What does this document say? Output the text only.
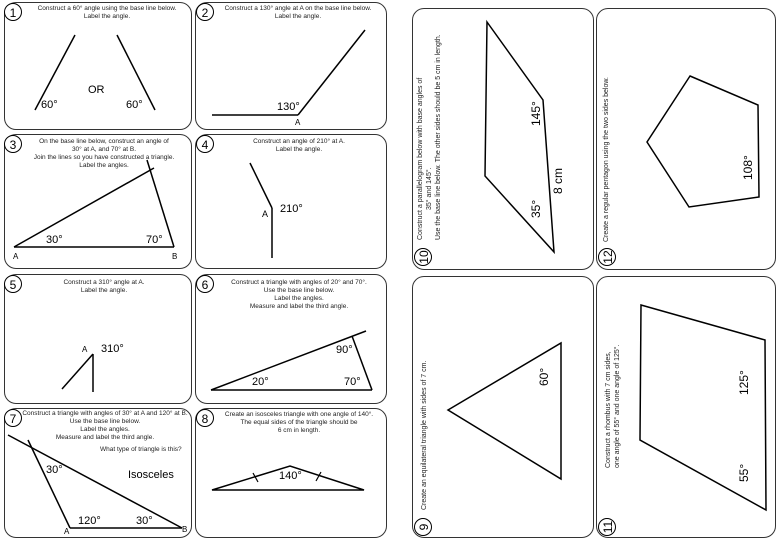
1	Construct a 60° angle using the base line below.
Label the angle.
OR
60°	60°
2	Construct a 130° angle at A on the base line below.
Label the angle.
130°
A
3	On the base line below, construct an angle of
30° at A, and 70° at B.
Join the lines so you have constructed a triangle.
Label the angles.
30°	70°
A	B
4	Construct an angle of 210° at A.
Label the angle.
A 210°
5	Construct a 310° angle at A.
Label the angle.
A 310°
6	Construct a triangle with angles of 20° and 70°.
Use the base line below.
Label the angles.
Measure and label the third angle.
90°
20°	70°
7 Construct a triangle with angles of 30° at A and 120° at B.
Use the base line below.
Label the angles.
Measure and label the third angle.
What type of triangle is this?
Isosceles
30°
120°	30°
A	B
8	Create an isosceles triangle with one angle of 140°.
The equal sides of the triangle should be
6 cm in length.
140°
10
Construct a parallelogram below with base angles of 35° and 145°. Use the base line below. The other sides should be 5 cm in length.	145°
35°
8 cm
12
Create a regular pentagon using the two sides below.	108°
9
Create an equilateral triangle with sides of 7 cm.	60°
11
Construct a rhombus with 7 cm sides, one angle of 55° and one angle of 125°.	125°
55°
